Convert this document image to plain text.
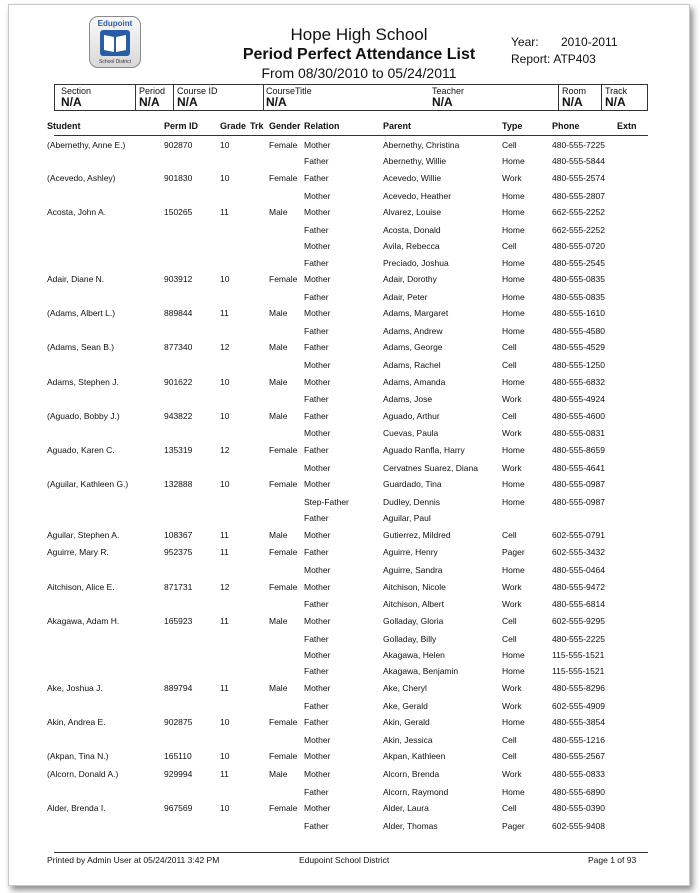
Edupoint
School District
Hope High School
Period Perfect Attendance List
From 08/30/2010 to 05/24/2011
Year: 2010-2011
Report: ATP403
Section
N/A
Period
N/A
Course ID
N/A
CourseTitle
N/A
Teacher
N/A
Room
N/A
Track
N/A
Student	Perm ID Grade Trk Gender Relation	Parent	Type	Phone	Extn
(Abernethy, Anne E.)	902870	10	Female Mother	Abernethy, Christina	Cell	480-555-7225
Father	Abernethy, Willie	Home	480-555-5844
(Acevedo, Ashley)	901830	10	Female Father	Acevedo, Willie	Work	480-555-2574
Mother	Acevedo, Heather	Home	480-555-2807
Acosta, John A.	150265	11	Male Mother	Alvarez, Louise	Home	662-555-2252
Father	Acosta, Donald	Home	662-555-2252
Mother	Avila, Rebecca	Cell	480-555-0720
Father	Preciado, Joshua	Home	480-555-2545
Adair, Diane N.	903912	10	Female Mother	Adair, Dorothy	Home	480-555-0835
Father	Adair, Peter	Home	480-555-0835
(Adams, Albert L.)	889844	11	Male Mother	Adams, Margaret	Home	480-555-1610
Father	Adams, Andrew	Home	480-555-4580
(Adams, Sean B.)	877340	12	Male Father	Adams, George	Cell	480-555-4529
Mother	Adams, Rachel	Cell	480-555-1250
Adams, Stephen J.	901622	10	Male Mother	Adams, Amanda	Home	480-555-6832
Father	Adams, Jose	Work	480-555-4924
(Aguado, Bobby J.)	943822	10	Male Father	Aguado, Arthur	Cell	480-555-4600
Mother	Cuevas, Paula	Work	480-555-0831
Aguado, Karen C.	135319	12	Female Father	Aguado Ranfla, Harry	Home	480-555-8659
Mother	Cervatnes Suarez, Diana	Work	480-555-4641
(Aguilar, Kathleen G.)	132888	10	Female Mother	Guardado, Tina	Home	480-555-0987
Step-Father	Dudley, Dennis	Home	480-555-0987
Father	Aguilar, Paul
Aguilar, Stephen A.	108367	11	Male Mother	Gutierrez, Mildred	Cell	602-555-0791
Aguirre, Mary R.	952375	11	Female Father	Aguirre, Henry	Pager	602-555-3432
Mother	Aguirre, Sandra	Home	480-555-0464
Aitchison, Alice E.	871731	12	Female Mother	Aitchison, Nicole	Work	480-555-9472
Father	Aitchison, Albert	Work	480-555-6814
Akagawa, Adam H.	165923	11	Male Mother	Golladay, Gloria	Cell	602-555-9295
Father	Golladay, Billy	Cell	480-555-2225
Mother	Akagawa, Helen	Home	115-555-1521
Father	Akagawa, Benjamin	Home	115-555-1521
Ake, Joshua J.	889794	11	Male Mother	Ake, Cheryl	Work	480-555-8296
Father	Ake, Gerald	Work	602-555-4909
Akin, Andrea E.	902875	10	Female Father	Akin, Gerald	Home	480-555-3854
Mother	Akin, Jessica	Cell	480-555-1216
(Akpan, Tina N.)	165110	10	Female Mother	Akpan, Kathleen	Cell	480-555-2567
(Alcorn, Donald A.)	929994	11	Male Mother	Alcorn, Brenda	Work	480-555-0833
Father	Alcorn, Raymond	Home	480-555-6890
Alder, Brenda I.	967569	10	Female Mother	Alder, Laura	Cell	480-555-0390
Father	Alder, Thomas	Pager	602-555-9408
Printed by Admin User at 05/24/2011 3:42 PM	Edupoint School District	Page 1 of 93
